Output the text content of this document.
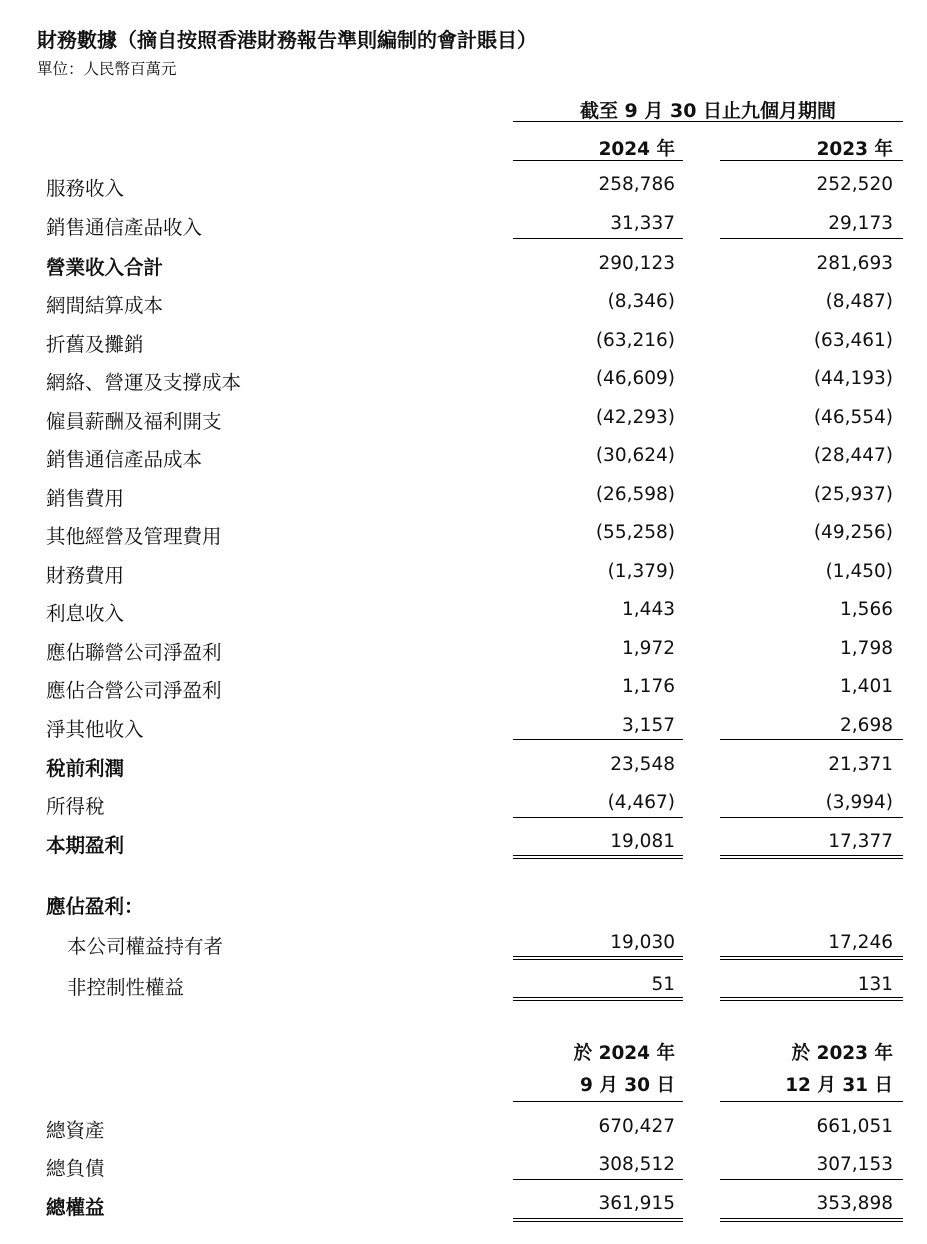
財務數據（摘自按照香港財務報告準則編制的會計賬目）
單位：人民幣百萬元
截至 9 月 30 日止九個月期間
2024 年	2023 年
服務收入	258,786	252,520
銷售通信產品收入	31,337	29,173
營業收入合計	290,123	281,693
網間結算成本	(8,346)	(8,487)
折舊及攤銷	(63,216)	(63,461)
網絡、營運及支撐成本	(46,609)	(44,193)
僱員薪酬及福利開支	(42,293)	(46,554)
銷售通信產品成本	(30,624)	(28,447)
銷售費用	(26,598)	(25,937)
其他經營及管理費用	(55,258)	(49,256)
財務費用	(1,379)	(1,450)
利息收入	1,443	1,566
應佔聯營公司淨盈利	1,972	1,798
應佔合營公司淨盈利	1,176	1,401
淨其他收入	3,157	2,698
稅前利潤	23,548	21,371
所得稅	(4,467)	(3,994)
本期盈利	19,081	17,377
應佔盈利：
本公司權益持有者	19,030	17,246
非控制性權益	51	131
於 2024 年	於 2023 年
9 月 30 日	12 月 31 日
總資產	670,427	661,051
總負債	308,512	307,153
總權益	361,915	353,898
